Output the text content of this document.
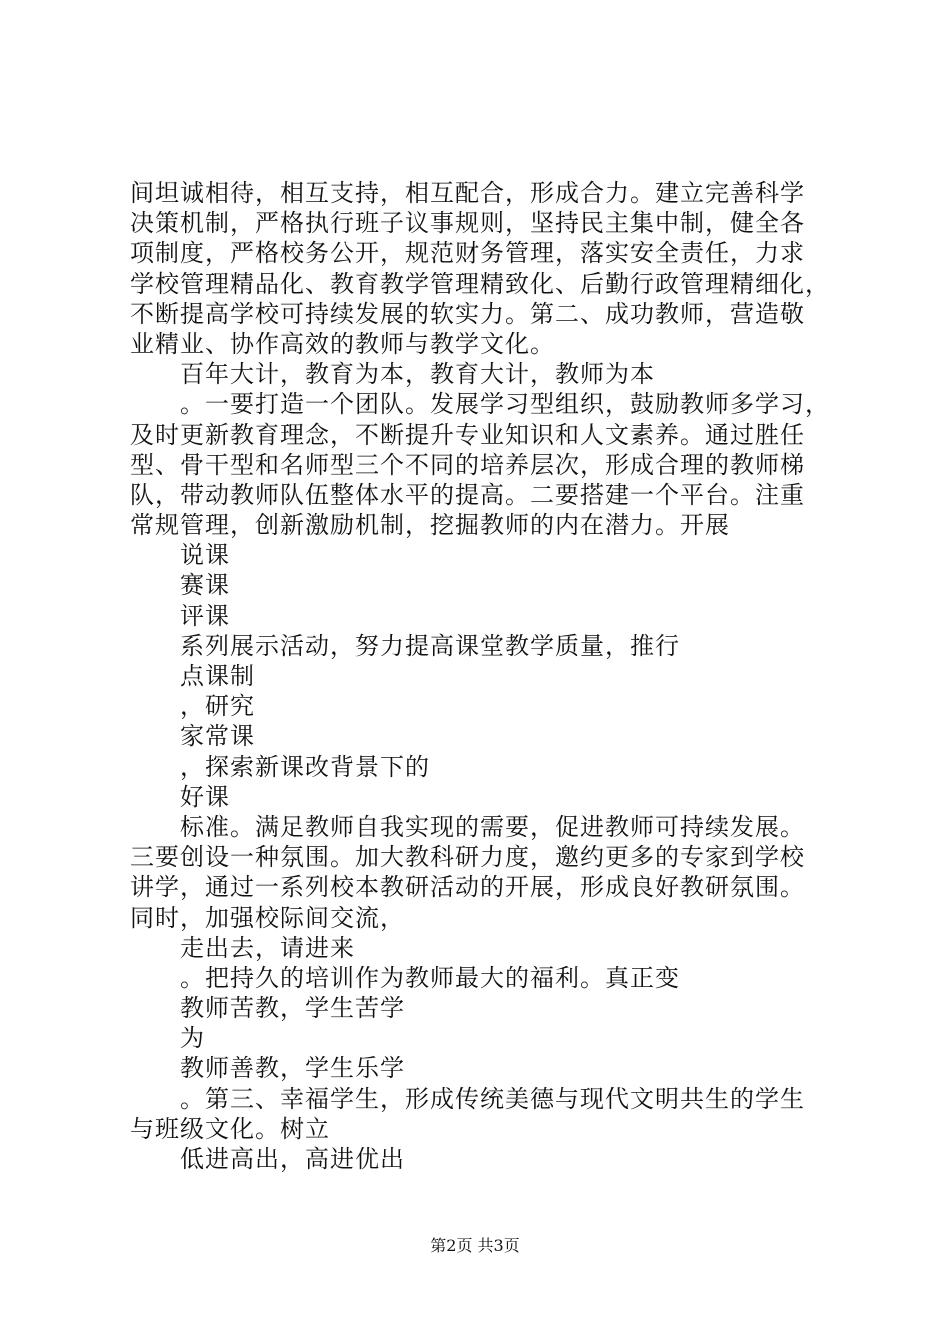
间坦诚相待，相互支持，相互配合，形成合力。建立完善科学
决策机制，严格执行班子议事规则，坚持民主集中制，健全各
项制度，严格校务公开，规范财务管理，落实安全责任，力求
学校管理精品化、教育教学管理精致化、后勤行政管理精细化，
不断提高学校可持续发展的软实力。第二、成功教师，营造敬
业精业、协作高效的教师与教学文化。
百年大计，教育为本，教育大计，教师为本
。一要打造一个团队。发展学习型组织，鼓励教师多学习，
及时更新教育理念，不断提升专业知识和人文素养。通过胜任
型、骨干型和名师型三个不同的培养层次，形成合理的教师梯
队，带动教师队伍整体水平的提高。二要搭建一个平台。注重
常规管理，创新激励机制，挖掘教师的内在潜力。开展
说课
赛课
评课
系列展示活动，努力提高课堂教学质量，推行
点课制
，研究
家常课
，探索新课改背景下的
好课
标准。满足教师自我实现的需要，促进教师可持续发展。
三要创设一种氛围。加大教科研力度，邀约更多的专家到学校
讲学，通过一系列校本教研活动的开展，形成良好教研氛围。
同时，加强校际间交流，
走出去，请进来
。把持久的培训作为教师最大的福利。真正变
教师苦教，学生苦学
为
教师善教，学生乐学
。第三、幸福学生，形成传统美德与现代文明共生的学生
与班级文化。树立
低进高出，高进优出
第2页 共3页
